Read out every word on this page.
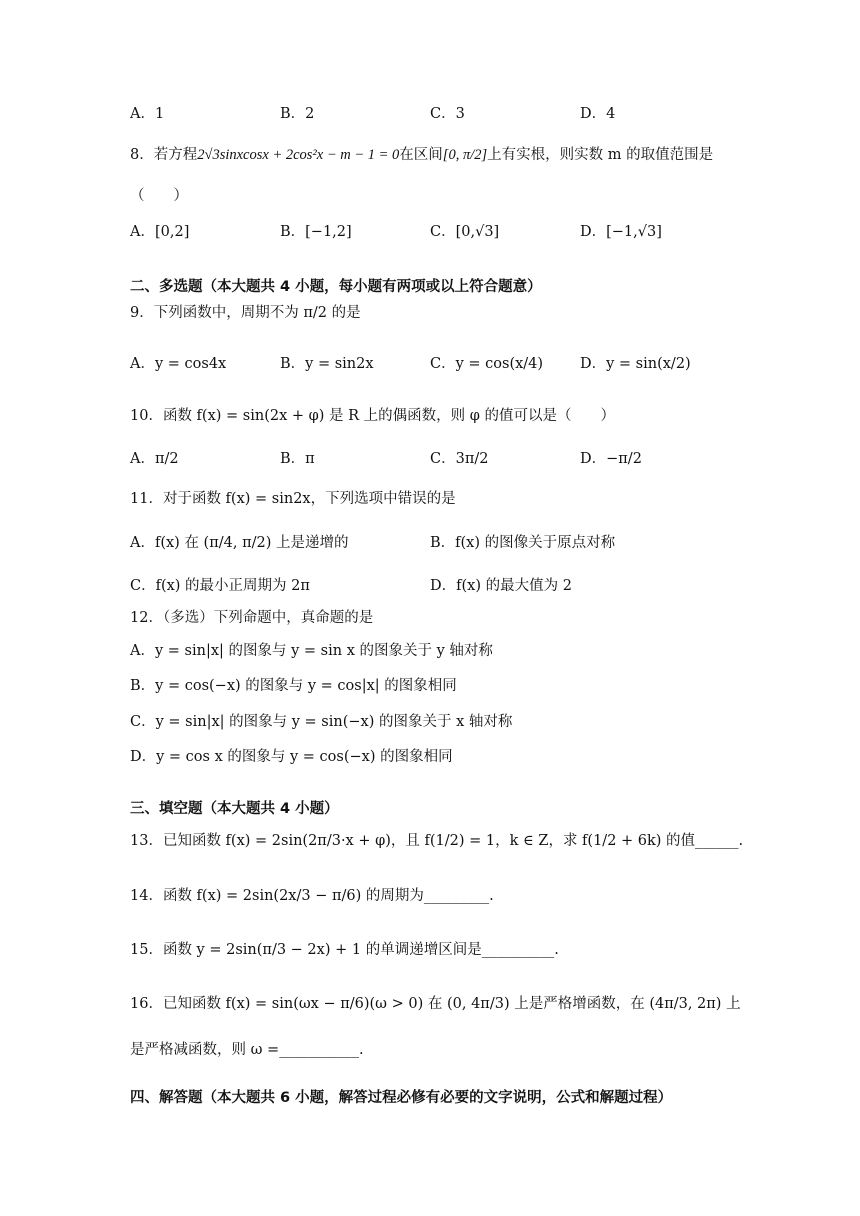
A．1	B．2	C．3	D．4
8．若方程2√3sinxcosx + 2cos²x − m − 1 = 0在区间[0, π/2]上有实根，则实数 m 的取值范围是
（　　）
A．[0,2]	B．[−1,2]	C．[0,√3]	D．[−1,√3]
二、多选题（本大题共 4 小题，每小题有两项或以上符合题意）
9．下列函数中，周期不为 π/2 的是
A．y = cos4x	B．y = sin2x	C．y = cos(x/4)	D．y = sin(x/2)
10．函数 f(x) = sin(2x + φ) 是 R 上的偶函数，则 φ 的值可以是（　　）
A．π/2	B．π	C．3π/2	D．−π/2
11．对于函数 f(x) = sin2x，下列选项中错误的是
A．f(x) 在 (π/4, π/2) 上是递增的	B．f(x) 的图像关于原点对称
C．f(x) 的最小正周期为 2π	D．f(x) 的最大值为 2
12．（多选）下列命题中，真命题的是
A．y = sin|x| 的图象与 y = sin x 的图象关于 y 轴对称
B．y = cos(−x) 的图象与 y = cos|x| 的图象相同
C．y = sin|x| 的图象与 y = sin(−x) 的图象关于 x 轴对称
D．y = cos x 的图象与 y = cos(−x) 的图象相同
三、填空题（本大题共 4 小题）
13．已知函数 f(x) = 2sin(2π/3·x + φ)，且 f(1/2) = 1，k ∈ Z，求 f(1/2 + 6k) 的值______.
14．函数 f(x) = 2sin(2x/3 − π/6) 的周期为_________.
15．函数 y = 2sin(π/3 − 2x) + 1 的单调递增区间是__________.
16．已知函数 f(x) = sin(ωx − π/6)(ω > 0) 在 (0, 4π/3) 上是严格增函数，在 (4π/3, 2π) 上
是严格减函数，则 ω =___________.
四、解答题（本大题共 6 小题，解答过程必修有必要的文字说明，公式和解题过程）
